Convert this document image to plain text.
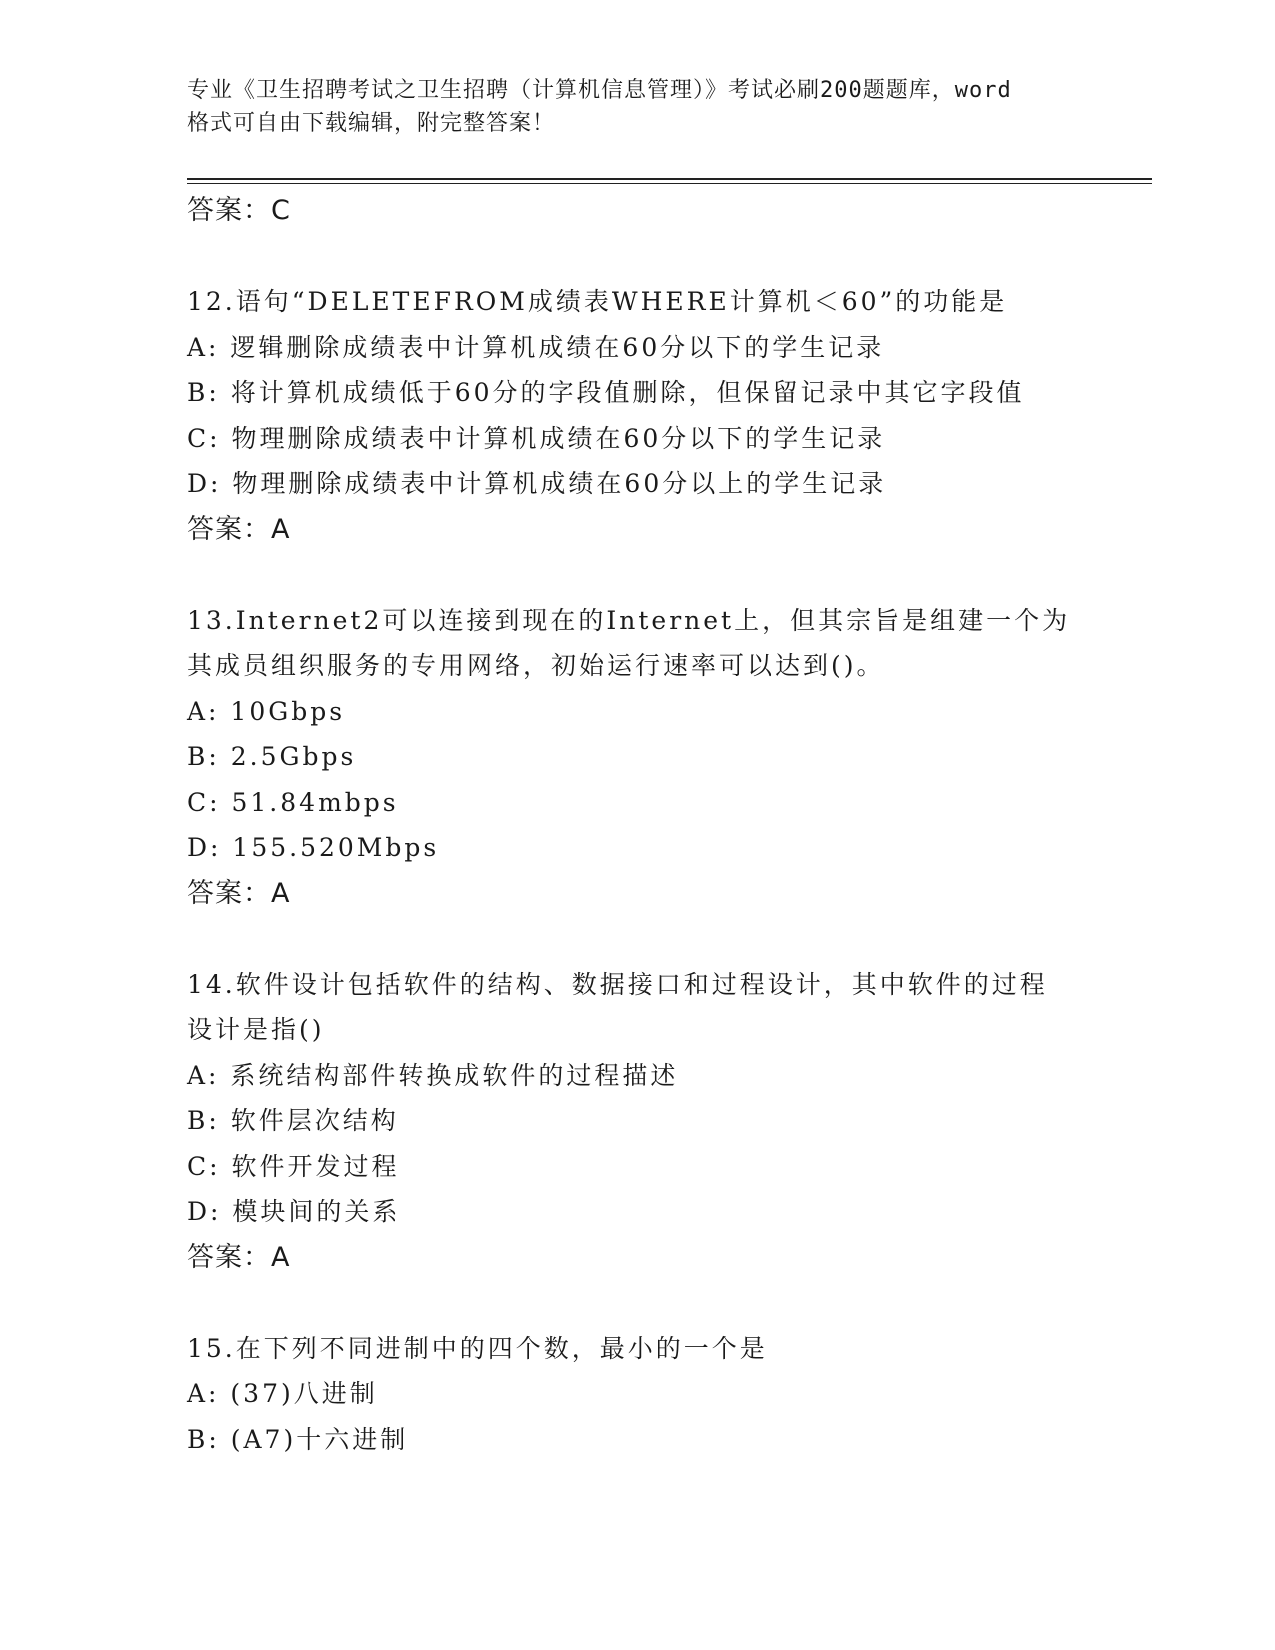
专业《卫生招聘考试之卫生招聘（计算机信息管理）》考试必刷200题题库，word
格式可自由下载编辑，附完整答案！
答案：C
12.语句“DELETEFROM成绩表WHERE计算机＜60”的功能是
A: 逻辑删除成绩表中计算机成绩在60分以下的学生记录
B: 将计算机成绩低于60分的字段值删除，但保留记录中其它字段值
C: 物理删除成绩表中计算机成绩在60分以下的学生记录
D: 物理删除成绩表中计算机成绩在60分以上的学生记录
答案：A
13.Internet2可以连接到现在的Internet上，但其宗旨是组建一个为
其成员组织服务的专用网络，初始运行速率可以达到()。
A: 10Gbps
B: 2.5Gbps
C: 51.84mbps
D: 155.520Mbps
答案：A
14.软件设计包括软件的结构、数据接口和过程设计，其中软件的过程
设计是指()
A: 系统结构部件转换成软件的过程描述
B: 软件层次结构
C: 软件开发过程
D: 模块间的关系
答案：A
15.在下列不同进制中的四个数，最小的一个是
A: (37)八进制
B: (A7)十六进制
